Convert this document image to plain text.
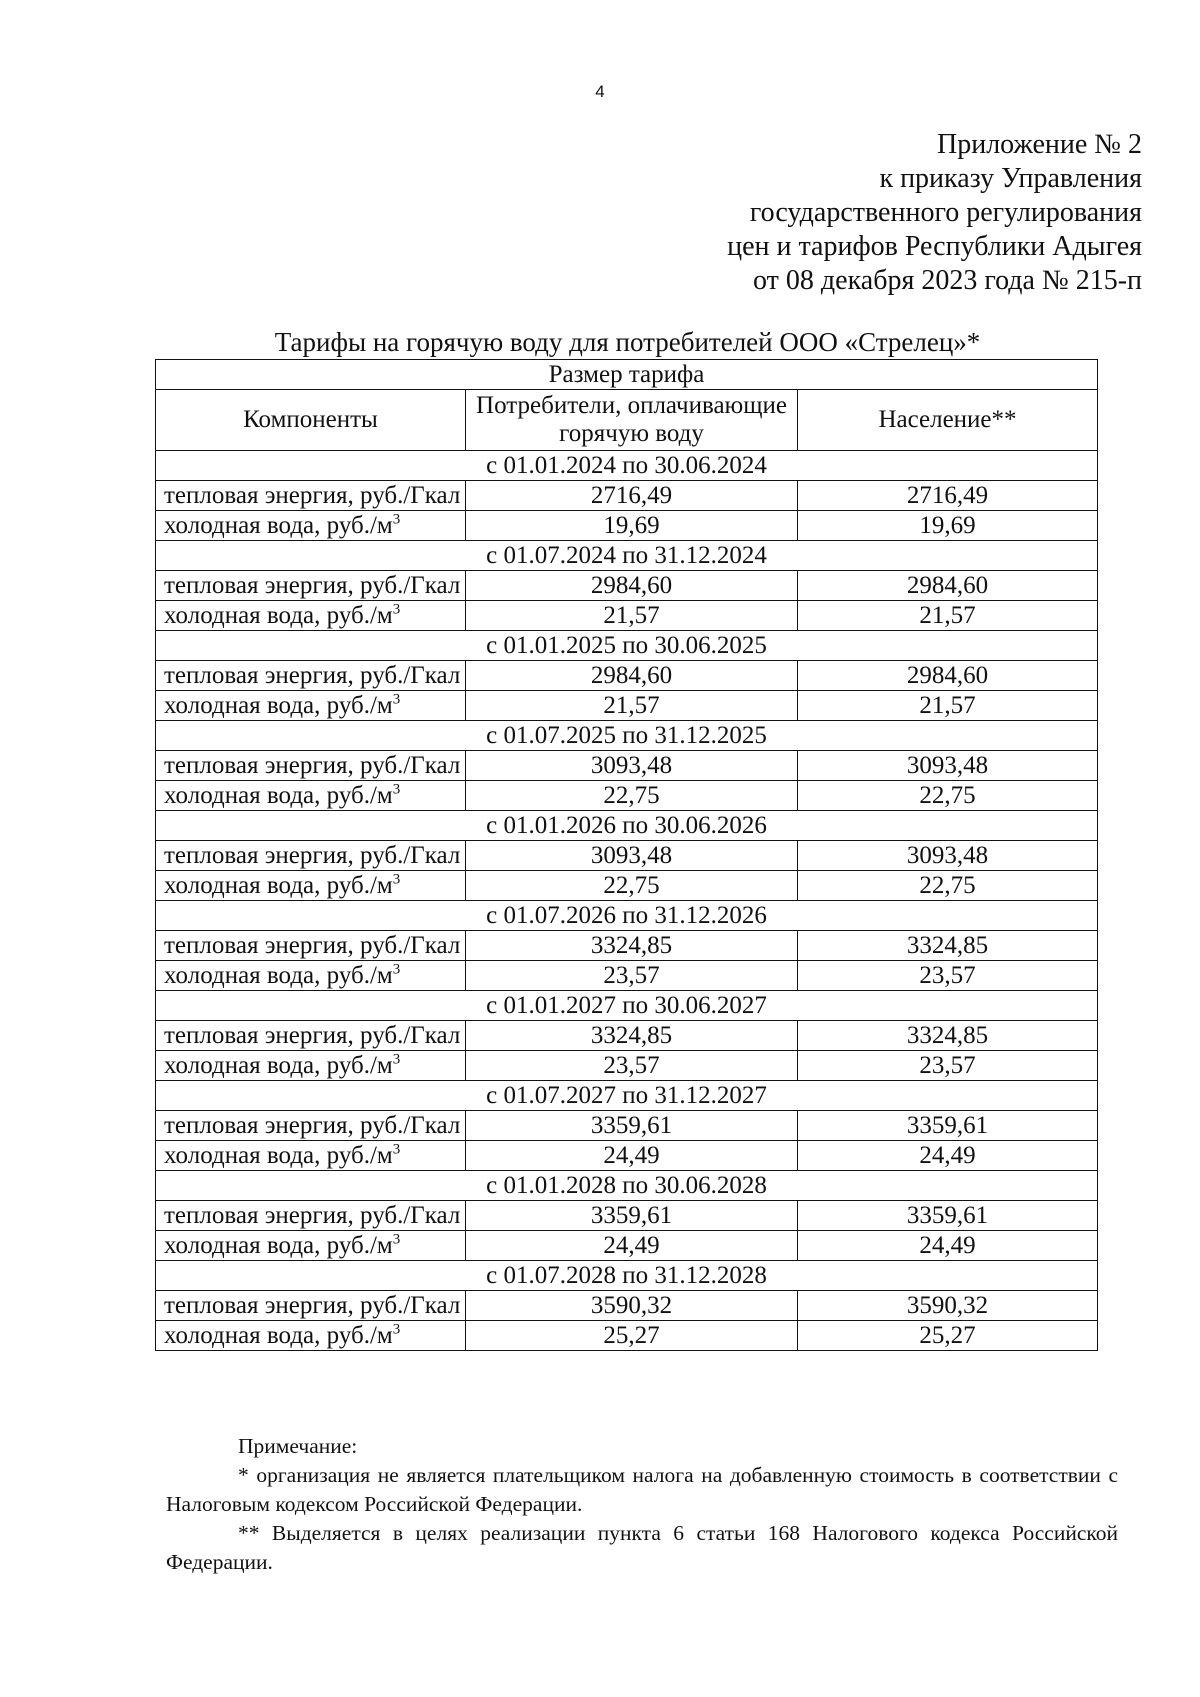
4
Приложение № 2
к приказу Управления
государственного регулирования
цен и тарифов Республики Адыгея
от 08 декабря 2023 года № 215-п
Тарифы на горячую воду для потребителей ООО «Стрелец»*
Размер тарифа		
Компоненты	Потребители, оплачивающие горячую воду	Население**
с 01.01.2024 по 30.06.2024		
тепловая энергия, руб./Гкал	2716,49	2716,49
холодная вода, $руб./м^3$	19,69	19,69
с 01.07.2024 по 31.12.2024		
тепловая энергия, руб./Гкал	2984,60	2984,60
холодная вода, $руб./м^3$	21,57	21,57
с 01.01.2025 по 30.06.2025		
тепловая энергия, руб./Гкал	2984,60	2984,60
холодная вода, $руб./м^3$	21,57	21,57
с 01.07.2025 по 31.12.2025		
тепловая энергия, руб./Гкал	3093,48	3093,48
холодная вода, $руб./м^3$	22,75	22,75
с 01.01.2026 по 30.06.2026		
тепловая энергия, руб./Гкал	3093,48	3093,48
холодная вода, $руб./м^3$	22,75	22,75
с 01.07.2026 по 31.12.2026		
тепловая энергия, руб./Гкал	3324,85	3324,85
холодная вода, $руб./м^3$	23,57	23,57
с 01.01.2027 по 30.06.2027		
тепловая энергия, руб./Гкал	3324,85	3324,85
холодная вода, $руб./м^3$	23,57	23,57
с 01.07.2027 по 31.12.2027		
тепловая энергия, руб./Гкал	3359,61	3359,61
холодная вода, $руб./м^3$	24,49	24,49
с 01.01.2028 по 30.06.2028		
тепловая энергия, руб./Гкал	3359,61	3359,61
холодная вода, $руб./м^3$	24,49	24,49
с 01.07.2028 по 31.12.2028		
тепловая энергия, руб./Гкал	3590,32	3590,32
холодная вода, $руб./м^3$	25,27	25,27
Примечание:
* организация не является плательщиком налога на добавленную стоимость в соответствии с Налоговым кодексом Российской Федерации.
** Выделяется в целях реализации пункта 6 статьи 168 Налогового кодекса Российской Федерации.
